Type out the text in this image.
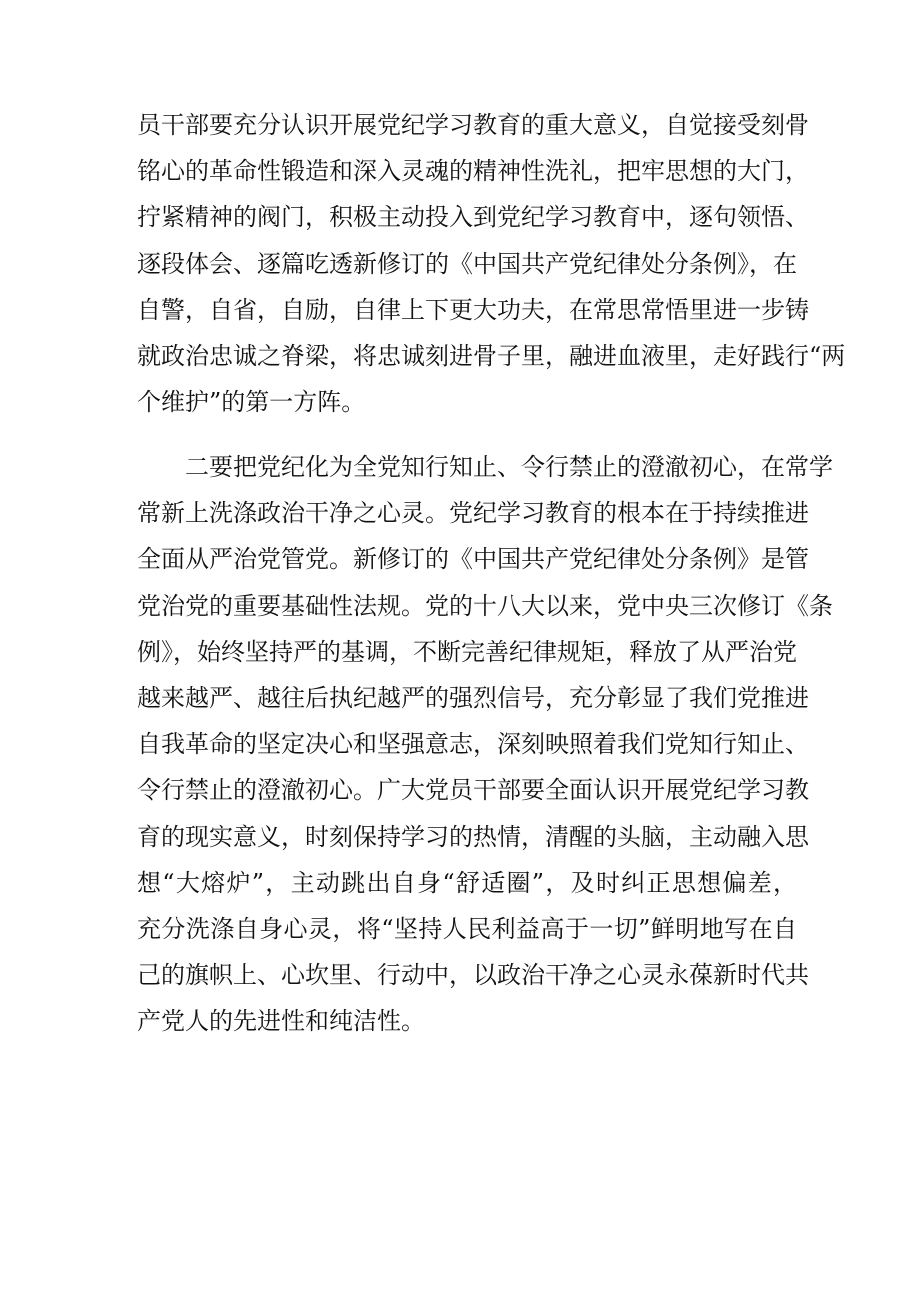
员干部要充分认识开展党纪学习教育的重大意义，自觉接受刻骨
铭心的革命性锻造和深入灵魂的精神性洗礼，把牢思想的大门，
拧紧精神的阀门，积极主动投入到党纪学习教育中，逐句领悟、
逐段体会、逐篇吃透新修订的《中国共产党纪律处分条例》，在
自警，自省，自励，自律上下更大功夫，在常思常悟里进一步铸
就政治忠诚之脊梁，将忠诚刻进骨子里，融进血液里，走好践行“两
个维护”的第一方阵。
二要把党纪化为全党知行知止、令行禁止的澄澈初心，在常学
常新上洗涤政治干净之心灵。党纪学习教育的根本在于持续推进
全面从严治党管党。新修订的《中国共产党纪律处分条例》是管
党治党的重要基础性法规。党的十八大以来，党中央三次修订《条
例》，始终坚持严的基调，不断完善纪律规矩，释放了从严治党
越来越严、越往后执纪越严的强烈信号，充分彰显了我们党推进
自我革命的坚定决心和坚强意志，深刻映照着我们党知行知止、
令行禁止的澄澈初心。广大党员干部要全面认识开展党纪学习教
育的现实意义，时刻保持学习的热情，清醒的头脑，主动融入思
想“大熔炉”，主动跳出自身“舒适圈”，及时纠正思想偏差，
充分洗涤自身心灵，将“坚持人民利益高于一切”鲜明地写在自
己的旗帜上、心坎里、行动中，以政治干净之心灵永葆新时代共
产党人的先进性和纯洁性。
